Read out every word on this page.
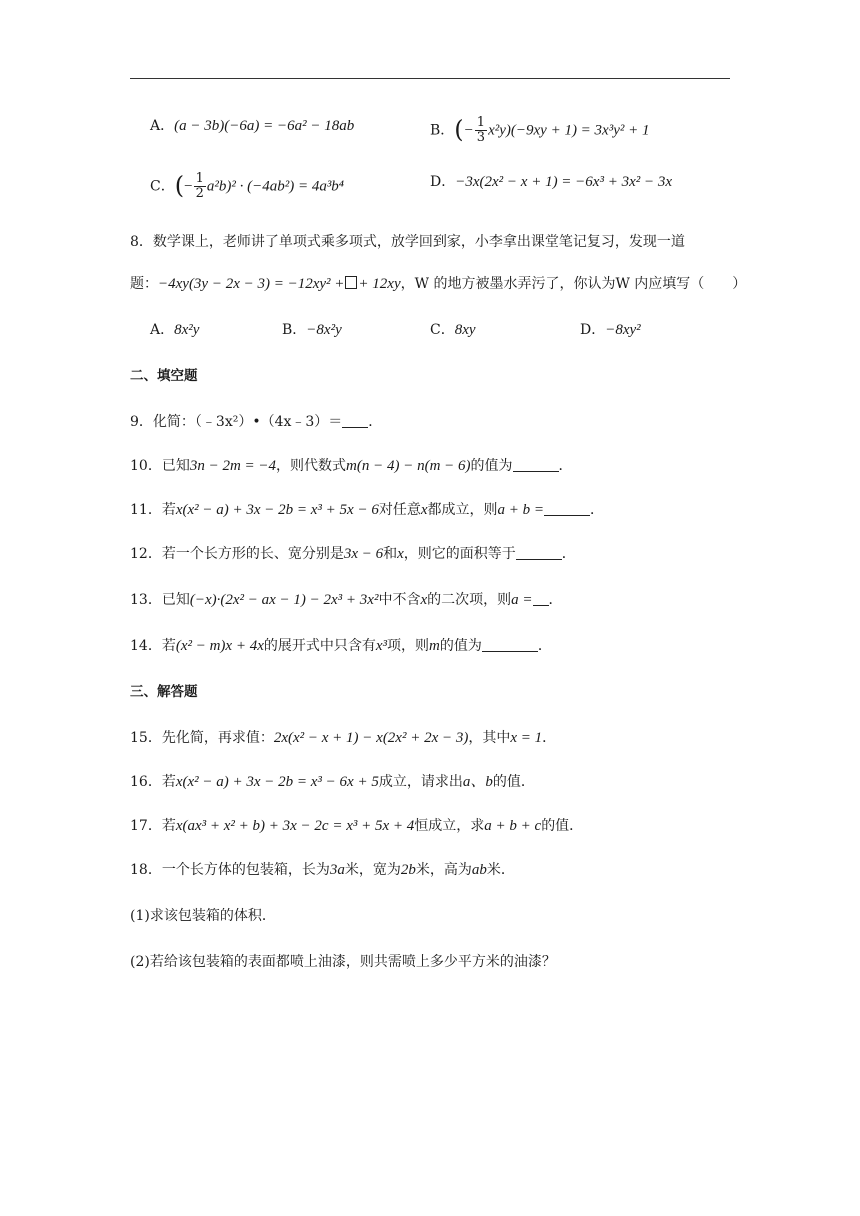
A．(a − 3b)(−6a) = −6a² − 18ab	B．(− $\frac{1}{3} x^2y)(-9xy + 1) = 3x^3y^2 + 1$
C．(− $\frac{1}{2} a^2b)^2 \cdot (-4ab^2) = 4a^3b^4$	D．−3x(2x² − x + 1) = −6x³ + 3x² − 3x
8．数学课上，老师讲了单项式乘多项式，放学回到家，小李拿出课堂笔记复习，发现一道
题：−4xy(3y − 2x − 3) = −12xy² + + 12xy，W 的地方被墨水弄污了，你认为W 内应填写（　　）
A．8x²y	B．−8x²y	C．8xy	D．−8xy²
二、填空题
9．化简：（﹣3x²）•（4x﹣3）＝ ．
10．已知3n − 2m = −4，则代数式m(n − 4) − n(m − 6)的值为	．
11．若x(x² − a) + 3x − 2b = x³ + 5x − 6对任意x都成立，则a + b =	．
12．若一个长方形的长、宽分别是3x − 6和x，则它的面积等于	．
13．已知(−x)·(2x² − ax − 1) − 2x³ + 3x²中不含x的二次项，则a = ．
14．若(x² − m)x + 4x的展开式中只含有x³项，则m的值为	．
三、解答题
15．先化简，再求值：2x(x² − x + 1) − x(2x² + 2x − 3)，其中x = 1．
16．若x(x² − a) + 3x − 2b = x³ − 6x + 5成立，请求出a、b的值．
17．若x(ax³ + x² + b) + 3x − 2c = x³ + 5x + 4恒成立，求a + b + c的值．
18．一个长方体的包装箱，长为3a米，宽为2b米，高为ab米．
(1)求该包装箱的体积．
(2)若给该包装箱的表面都喷上油漆，则共需喷上多少平方米的油漆？
